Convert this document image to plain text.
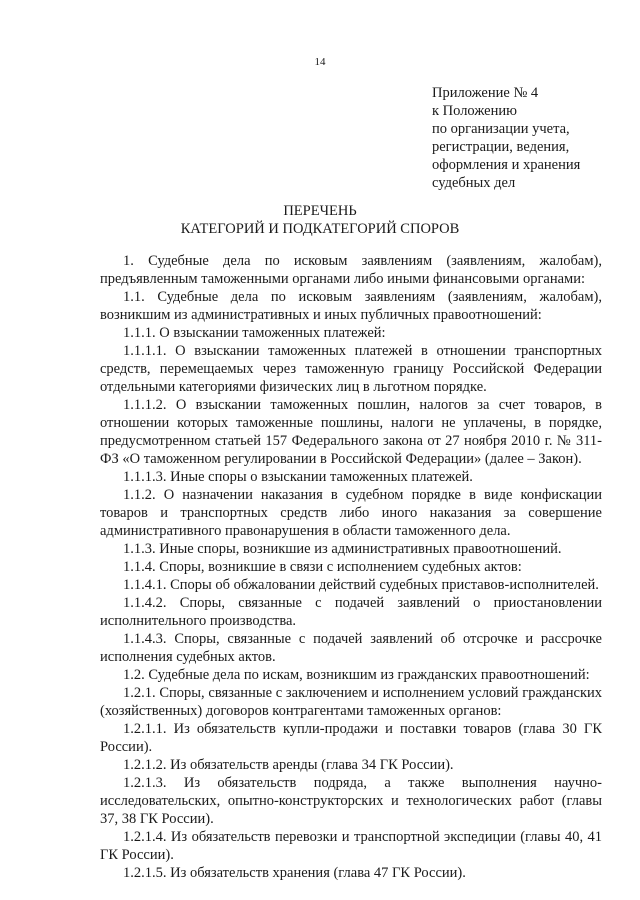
14
Приложение № 4
к Положению
по организации учета,
регистрации, ведения,
оформления и хранения
судебных дел
ПЕРЕЧЕНЬ
КАТЕГОРИЙ И ПОДКАТЕГОРИЙ СПОРОВ

1. Судебные дела по исковым заявлениям (заявлениям, жалобам), предъявленным таможенными органами либо иными финансовыми органами:

1.1. Судебные дела по исковым заявлениям (заявлениям, жалобам), возникшим из административных и иных публичных правоотношений:

1.1.1. О взыскании таможенных платежей:

1.1.1.1. О взыскании таможенных платежей в отношении транспортных средств, перемещаемых через таможенную границу Российской Федерации отдельными категориями физических лиц в льготном порядке.

1.1.1.2. О взыскании таможенных пошлин, налогов за счет товаров, в отношении которых таможенные пошлины, налоги не уплачены, в порядке, предусмотренном статьей 157 Федерального закона от 27 ноября 2010 г. № 311-ФЗ «О таможенном регулировании в Российской Федерации» (далее – Закон).

1.1.1.3. Иные споры о взыскании таможенных платежей.

1.1.2. О назначении наказания в судебном порядке в виде конфискации товаров и транспортных средств либо иного наказания за совершение административного правонарушения в области таможенного дела.

1.1.3. Иные споры, возникшие из административных правоотношений.

1.1.4. Споры, возникшие в связи с исполнением судебных актов:

1.1.4.1. Споры об обжаловании действий судебных приставов-исполнителей.

1.1.4.2. Споры, связанные с подачей заявлений о приостановлении исполнительного производства.

1.1.4.3. Споры, связанные с подачей заявлений об отсрочке и рассрочке исполнения судебных актов.

1.2. Судебные дела по искам, возникшим из гражданских правоотношений:

1.2.1. Споры, связанные с заключением и исполнением условий гражданских (хозяйственных) договоров контрагентами таможенных органов:

1.2.1.1. Из обязательств купли-продажи и поставки товаров (глава 30 ГК России).

1.2.1.2. Из обязательств аренды (глава 34 ГК России).

1.2.1.3. Из обязательств подряда, а также выполнения научно-исследовательских, опытно-конструкторских и технологических работ (главы 37, 38 ГК России).

1.2.1.4. Из обязательств перевозки и транспортной экспедиции (главы 40, 41 ГК России).

1.2.1.5. Из обязательств хранения (глава 47 ГК России).
